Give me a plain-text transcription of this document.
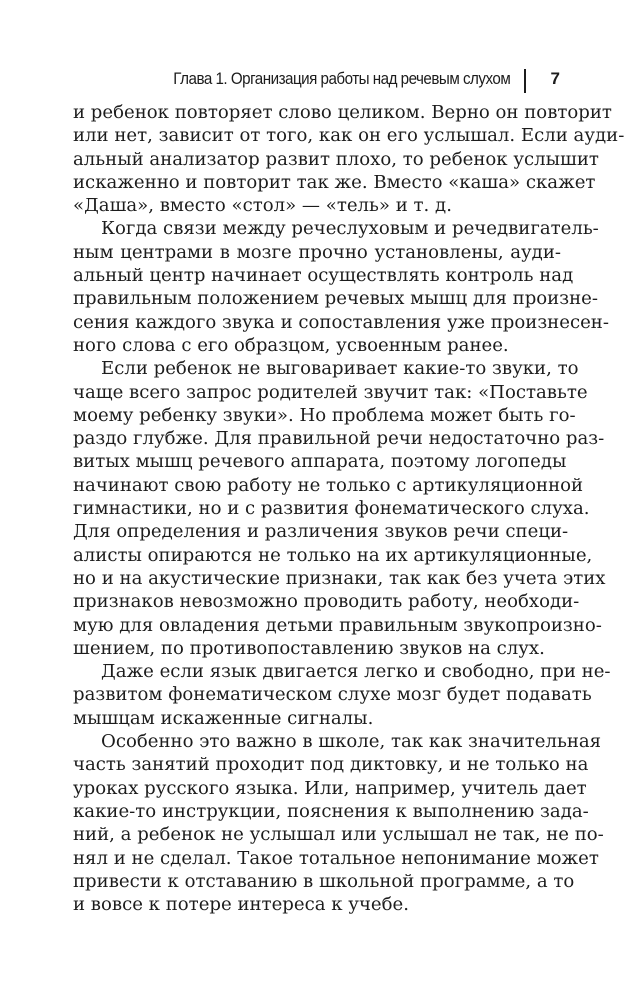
Глава 1. Организация работы над речевым слухом 7

и ребенок повторяет слово целиком. Верно он повторит
или нет, зависит от того, как он его услышал. Если ауди-
альный анализатор развит плохо, то ребенок услышит
искаженно и повторит так же. Вместо «каша» скажет
«Даша», вместо «стол» — «тель» и т. д.

Когда связи между речеслуховым и речедвигатель-
ным центрами в мозге прочно установлены, ауди-
альный центр начинает осуществлять контроль над
правильным положением речевых мышц для произне-
сения каждого звука и сопоставления уже произнесен-
ного слова с его образцом, усвоенным ранее.

Если ребенок не выговаривает какие-то звуки, то
чаще всего запрос родителей звучит так: «Поставьте
моему ребенку звуки». Но проблема может быть го-
раздо глубже. Для правильной речи недостаточно раз-
витых мышц речевого аппарата, поэтому логопеды
начинают свою работу не только с артикуляционной
гимнастики, но и с развития фонематического слуха.
Для определения и различения звуков речи специ-
алисты опираются не только на их артикуляционные,
но и на акустические признаки, так как без учета этих
признаков невозможно проводить работу, необходи-
мую для овладения детьми правильным звукопроизно-
шением, по противопоставлению звуков на слух.

Даже если язык двигается легко и свободно, при не-
развитом фонематическом слухе мозг будет подавать
мышцам искаженные сигналы.

Особенно это важно в школе, так как значительная
часть занятий проходит под диктовку, и не только на
уроках русского языка. Или, например, учитель дает
какие-то инструкции, пояснения к выполнению зада-
ний, а ребенок не услышал или услышал не так, не по-
нял и не сделал. Такое тотальное непонимание может
привести к отставанию в школьной программе, а то
и вовсе к потере интереса к учебе.
